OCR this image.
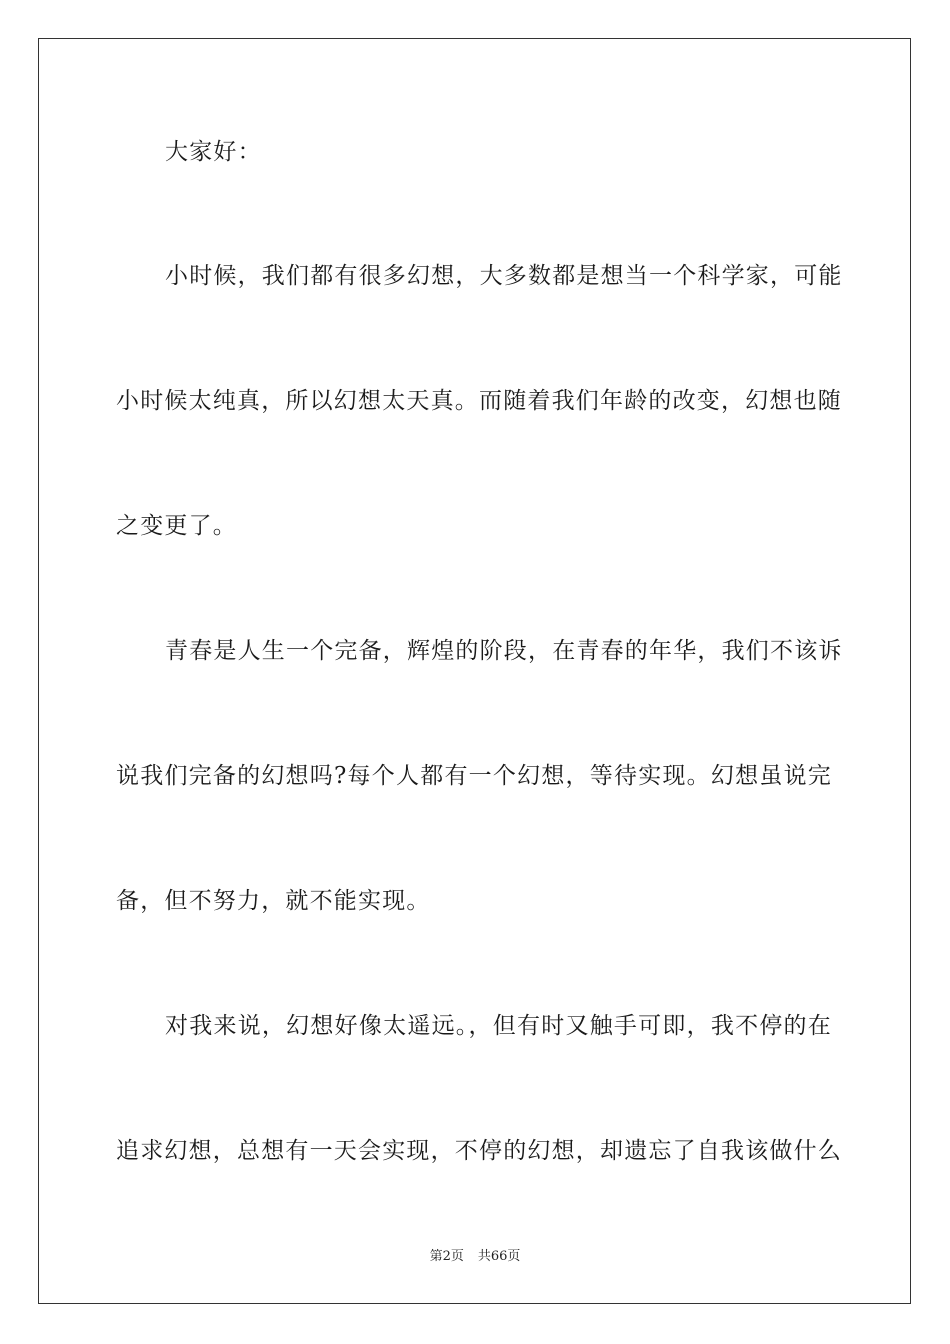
大家好：
小时候，我们都有很多幻想，大多数都是想当一个科学家，可能
小时候太纯真，所以幻想太天真。而随着我们年龄的改变，幻想也随
之变更了。
青春是人生一个完备，辉煌的阶段，在青春的年华，我们不该诉
说我们完备的幻想吗?每个人都有一个幻想，等待实现。幻想虽说完
备，但不努力，就不能实现。
对我来说，幻想好像太遥远。，但有时又触手可即，我不停的在
追求幻想，总想有一天会实现，不停的幻想，却遗忘了自我该做什么
第2页 共66页
